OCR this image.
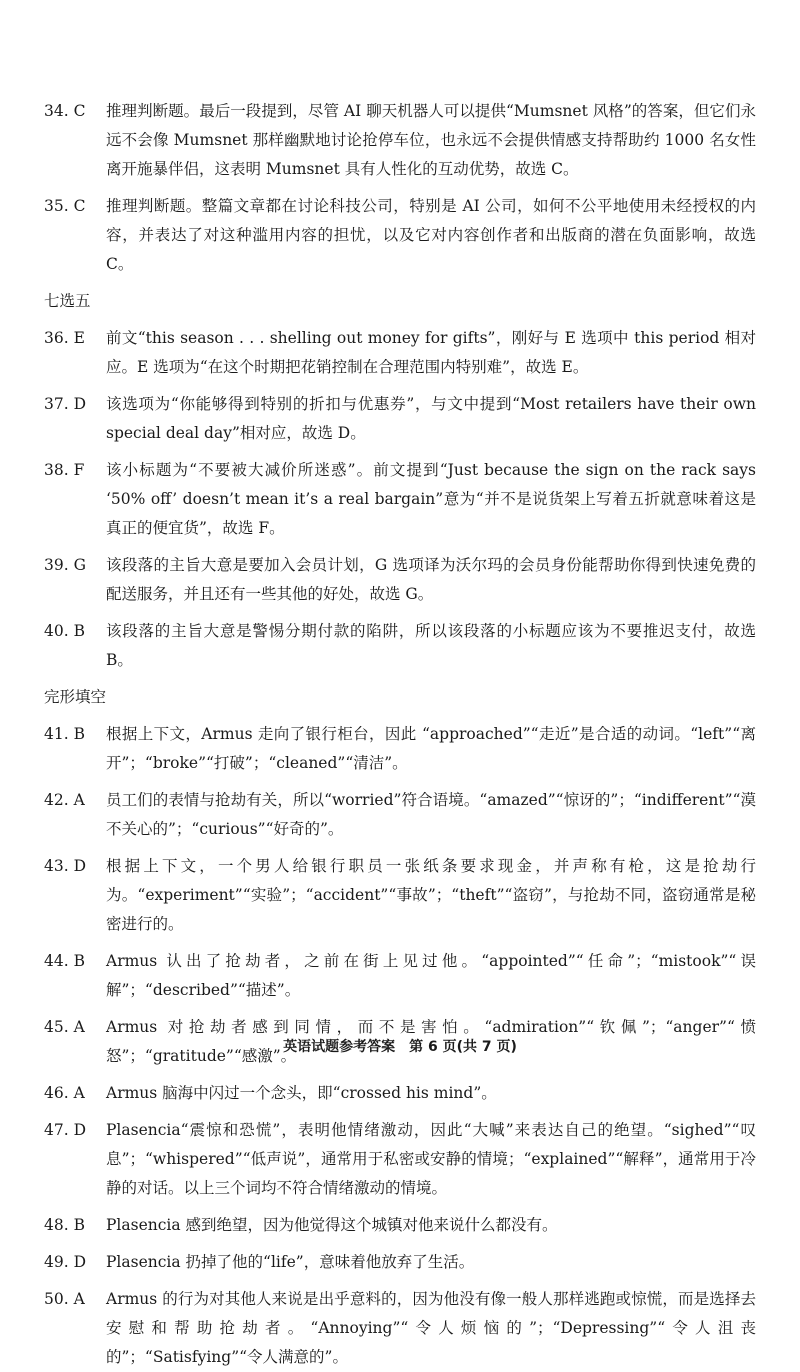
34. C	推理判断题。最后一段提到，尽管 AI 聊天机器人可以提供“Mumsnet 风格”的答案，但它们永远不会像 Mumsnet 那样幽默地讨论抢停车位，也永远不会提供情感支持帮助约 1000 名女性离开施暴伴侣，这表明 Mumsnet 具有人性化的互动优势，故选 C。
35. C	推理判断题。整篇文章都在讨论科技公司，特别是 AI 公司，如何不公平地使用未经授权的内容，并表达了对这种滥用内容的担忧，以及它对内容创作者和出版商的潜在负面影响，故选 C。
七选五
36. E	前文“this season . . . shelling out money for gifts”，刚好与 E 选项中 this period 相对应。E 选项为“在这个时期把花销控制在合理范围内特别难”，故选 E。
37. D	该选项为“你能够得到特别的折扣与优惠券”，与文中提到“Most retailers have their own special deal day”相对应，故选 D。
38. F	该小标题为“不要被大减价所迷惑”。前文提到“Just because the sign on the rack says ‘50% off’ doesn’t mean it’s a real bargain”意为“并不是说货架上写着五折就意味着这是真正的便宜货”，故选 F。
39. G	该段落的主旨大意是要加入会员计划，G 选项译为沃尔玛的会员身份能帮助你得到快速免费的配送服务，并且还有一些其他的好处，故选 G。
40. B	该段落的主旨大意是警惕分期付款的陷阱，所以该段落的小标题应该为不要推迟支付，故选 B。
完形填空
41. B	根据上下文，Armus 走向了银行柜台，因此 “approached”“走近”是合适的动词。“left”“离开”；“broke”“打破”；“cleaned”“清洁”。
42. A	员工们的表情与抢劫有关，所以“worried”符合语境。“amazed”“惊讶的”；“indifferent”“漠不关心的”；“curious”“好奇的”。
43. D	根据上下文，一个男人给银行职员一张纸条要求现金，并声称有枪，这是抢劫行为。“experiment”“实验”；“accident”“事故”；“theft”“盗窃”，与抢劫不同，盗窃通常是秘密进行的。
44. B	Armus 认出了抢劫者，之前在街上见过他。“appointed”“任命”；“mistook”“误解”；“described”“描述”。
45. A	Armus 对抢劫者感到同情，而不是害怕。“admiration”“钦佩”；“anger”“愤怒”；“gratitude”“感激”。
46. A	Armus 脑海中闪过一个念头，即“crossed his mind”。
47. D	Plasencia“震惊和恐慌”，表明他情绪激动，因此“大喊”来表达自己的绝望。“sighed”“叹息”；“whispered”“低声说”，通常用于私密或安静的情境；“explained”“解释”，通常用于冷静的对话。以上三个词均不符合情绪激动的情境。
48. B	Plasencia 感到绝望，因为他觉得这个城镇对他来说什么都没有。
49. D	Plasencia 扔掉了他的“life”，意味着他放弃了生活。
50. A	Armus 的行为对其他人来说是出乎意料的，因为他没有像一般人那样逃跑或惊慌，而是选择去安慰和帮助抢劫者。“Annoying”“令人烦恼的”；“Depressing”“令人沮丧的”；“Satisfying”“令人满意的”。
英语试题参考答案　第 6 页(共 7 页)
